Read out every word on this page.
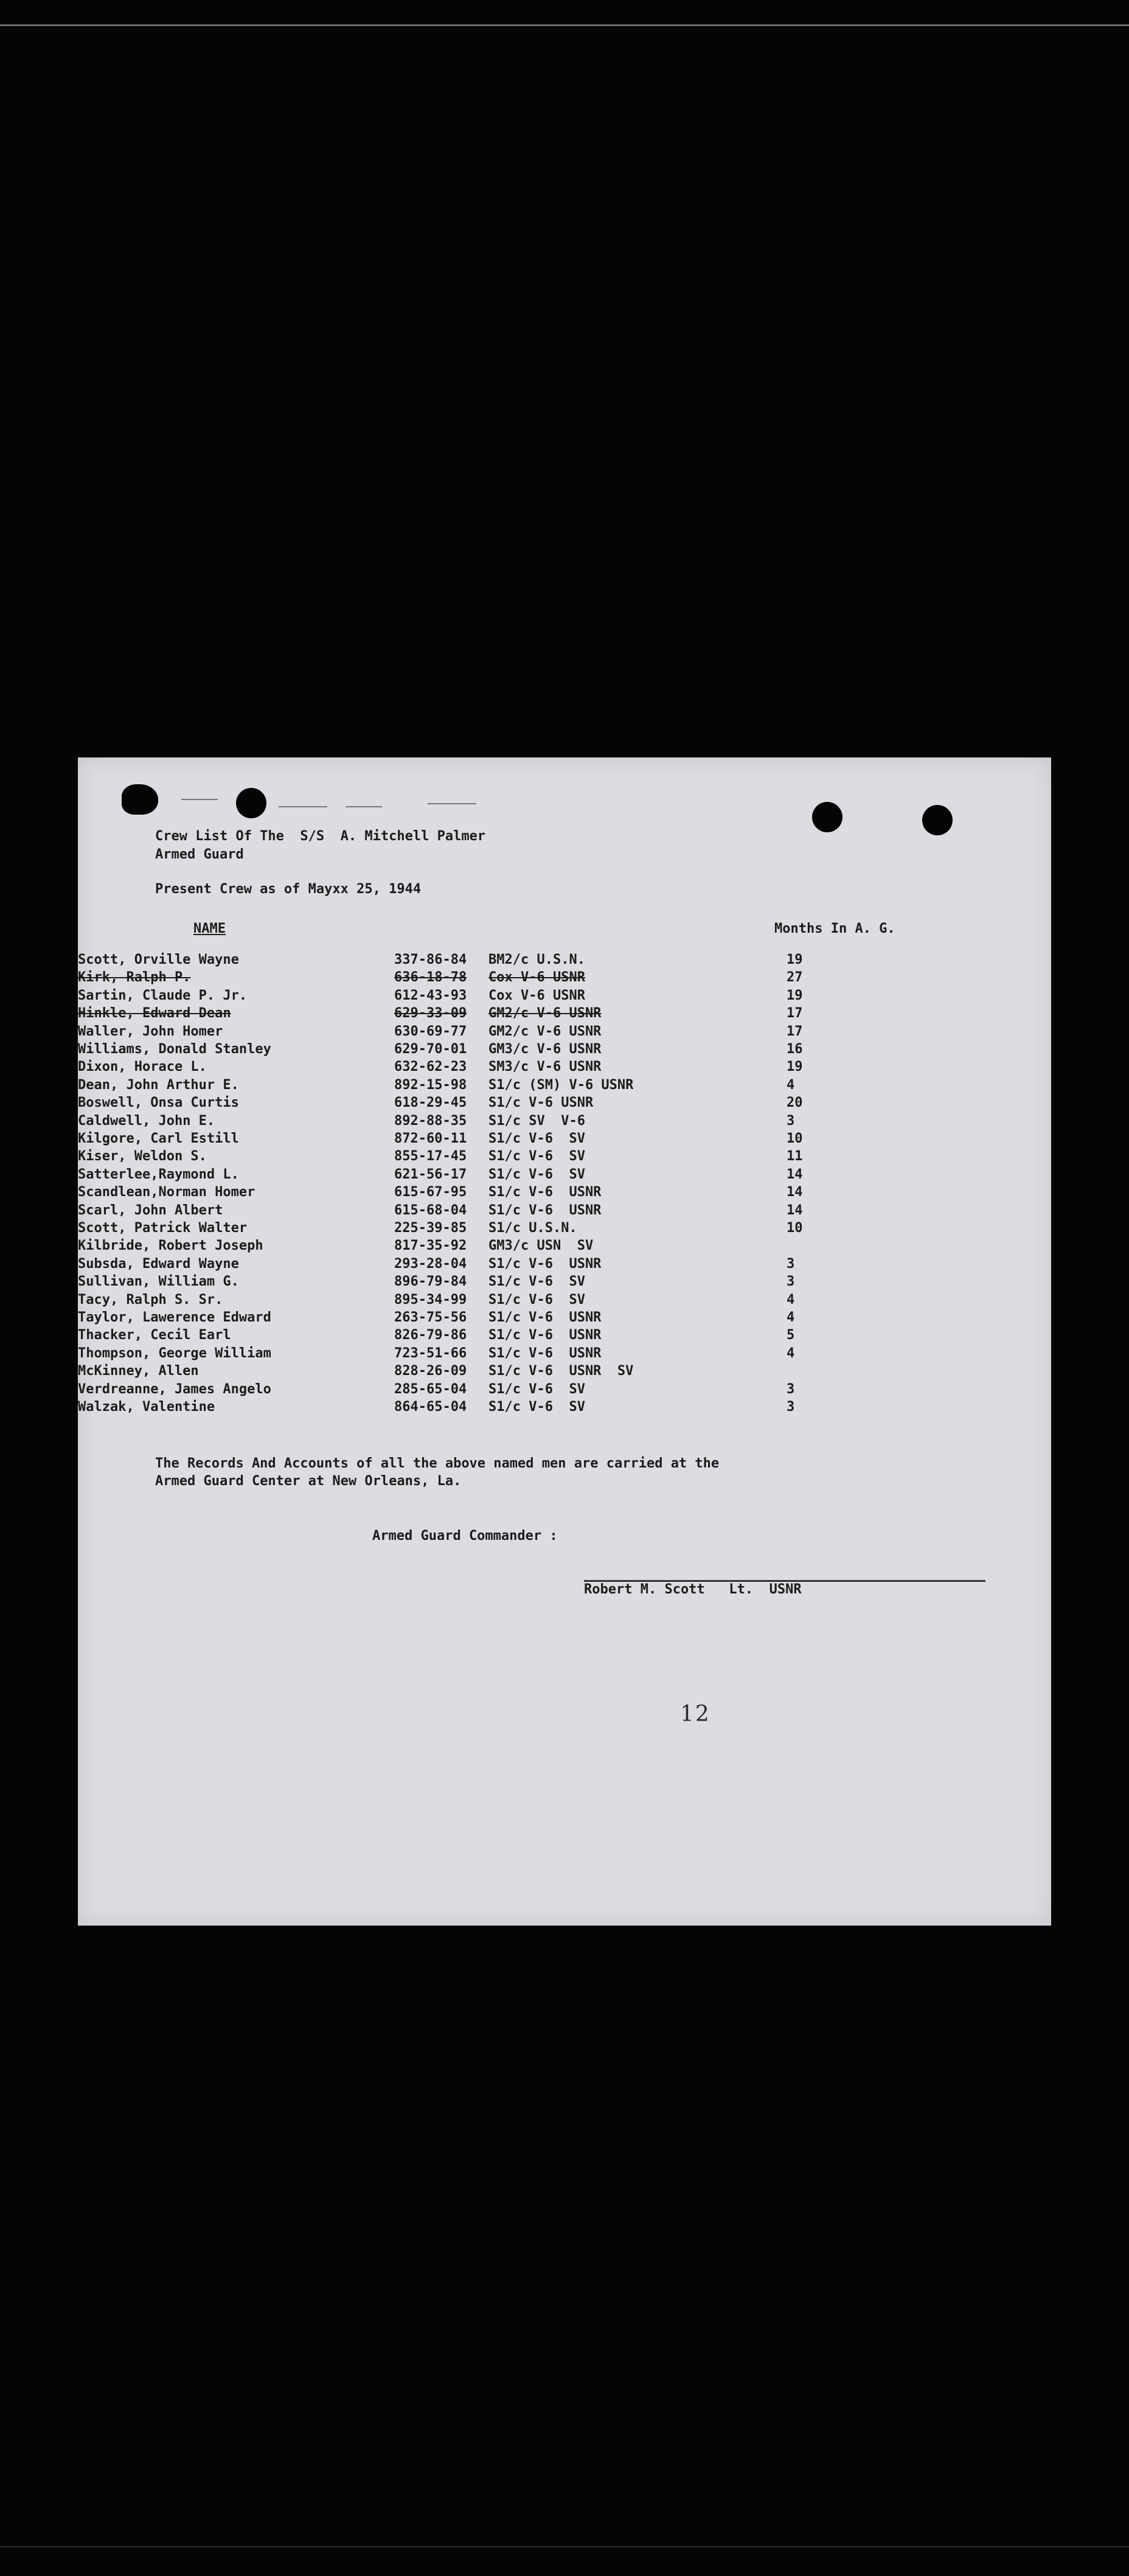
Crew List Of The  S/S  A. Mitchell Palmer
Armed Guard
Present Crew as of Mayxx 25, 1944
NAME	Months In A. G.
Scott, Orville Wayne	337-86-84 BM2/c U.S.N.	19
Kirk, Ralph P.	636-18-78 Cox V-6 USNR	27
Sartin, Claude P. Jr.	612-43-93 Cox V-6 USNR	19
Hinkle, Edward Dean	629-33-09 GM2/c V-6 USNR	17
Waller, John Homer	630-69-77 GM2/c V-6 USNR	17
Williams, Donald Stanley	629-70-01 GM3/c V-6 USNR	16
Dixon, Horace L.	632-62-23 SM3/c V-6 USNR	19
Dean, John Arthur E.	892-15-98 S1/c (SM) V-6 USNR	4
Boswell, Onsa Curtis	618-29-45 S1/c V-6 USNR	20
Caldwell, John E.	892-88-35 S1/c SV  V-6	3
Kilgore, Carl Estill	872-60-11 S1/c V-6  SV	10
Kiser, Weldon S.	855-17-45 S1/c V-6  SV	11
Satterlee,Raymond L.	621-56-17 S1/c V-6  SV	14
Scandlean,Norman Homer	615-67-95 S1/c V-6  USNR	14
Scarl, John Albert	615-68-04 S1/c V-6  USNR	14
Scott, Patrick Walter	225-39-85 S1/c U.S.N.	10
Kilbride, Robert Joseph	817-35-92 GM3/c USN  SV
Subsda, Edward Wayne	293-28-04 S1/c V-6  USNR	3
Sullivan, William G.	896-79-84 S1/c V-6  SV	3
Tacy, Ralph S. Sr.	895-34-99 S1/c V-6  SV	4
Taylor, Lawerence Edward	263-75-56 S1/c V-6  USNR	4
Thacker, Cecil Earl	826-79-86 S1/c V-6  USNR	5
Thompson, George William	723-51-66 S1/c V-6  USNR	4
McKinney, Allen	828-26-09 S1/c V-6  USNR  SV
Verdreanne, James Angelo	285-65-04 S1/c V-6  SV	3
Walzak, Valentine	864-65-04 S1/c V-6  SV	3
The Records And Accounts of all the above named men are carried at the
Armed Guard Center at New Orleans, La.
Armed Guard Commander :
Robert M. Scott   Lt.  USNR
12
